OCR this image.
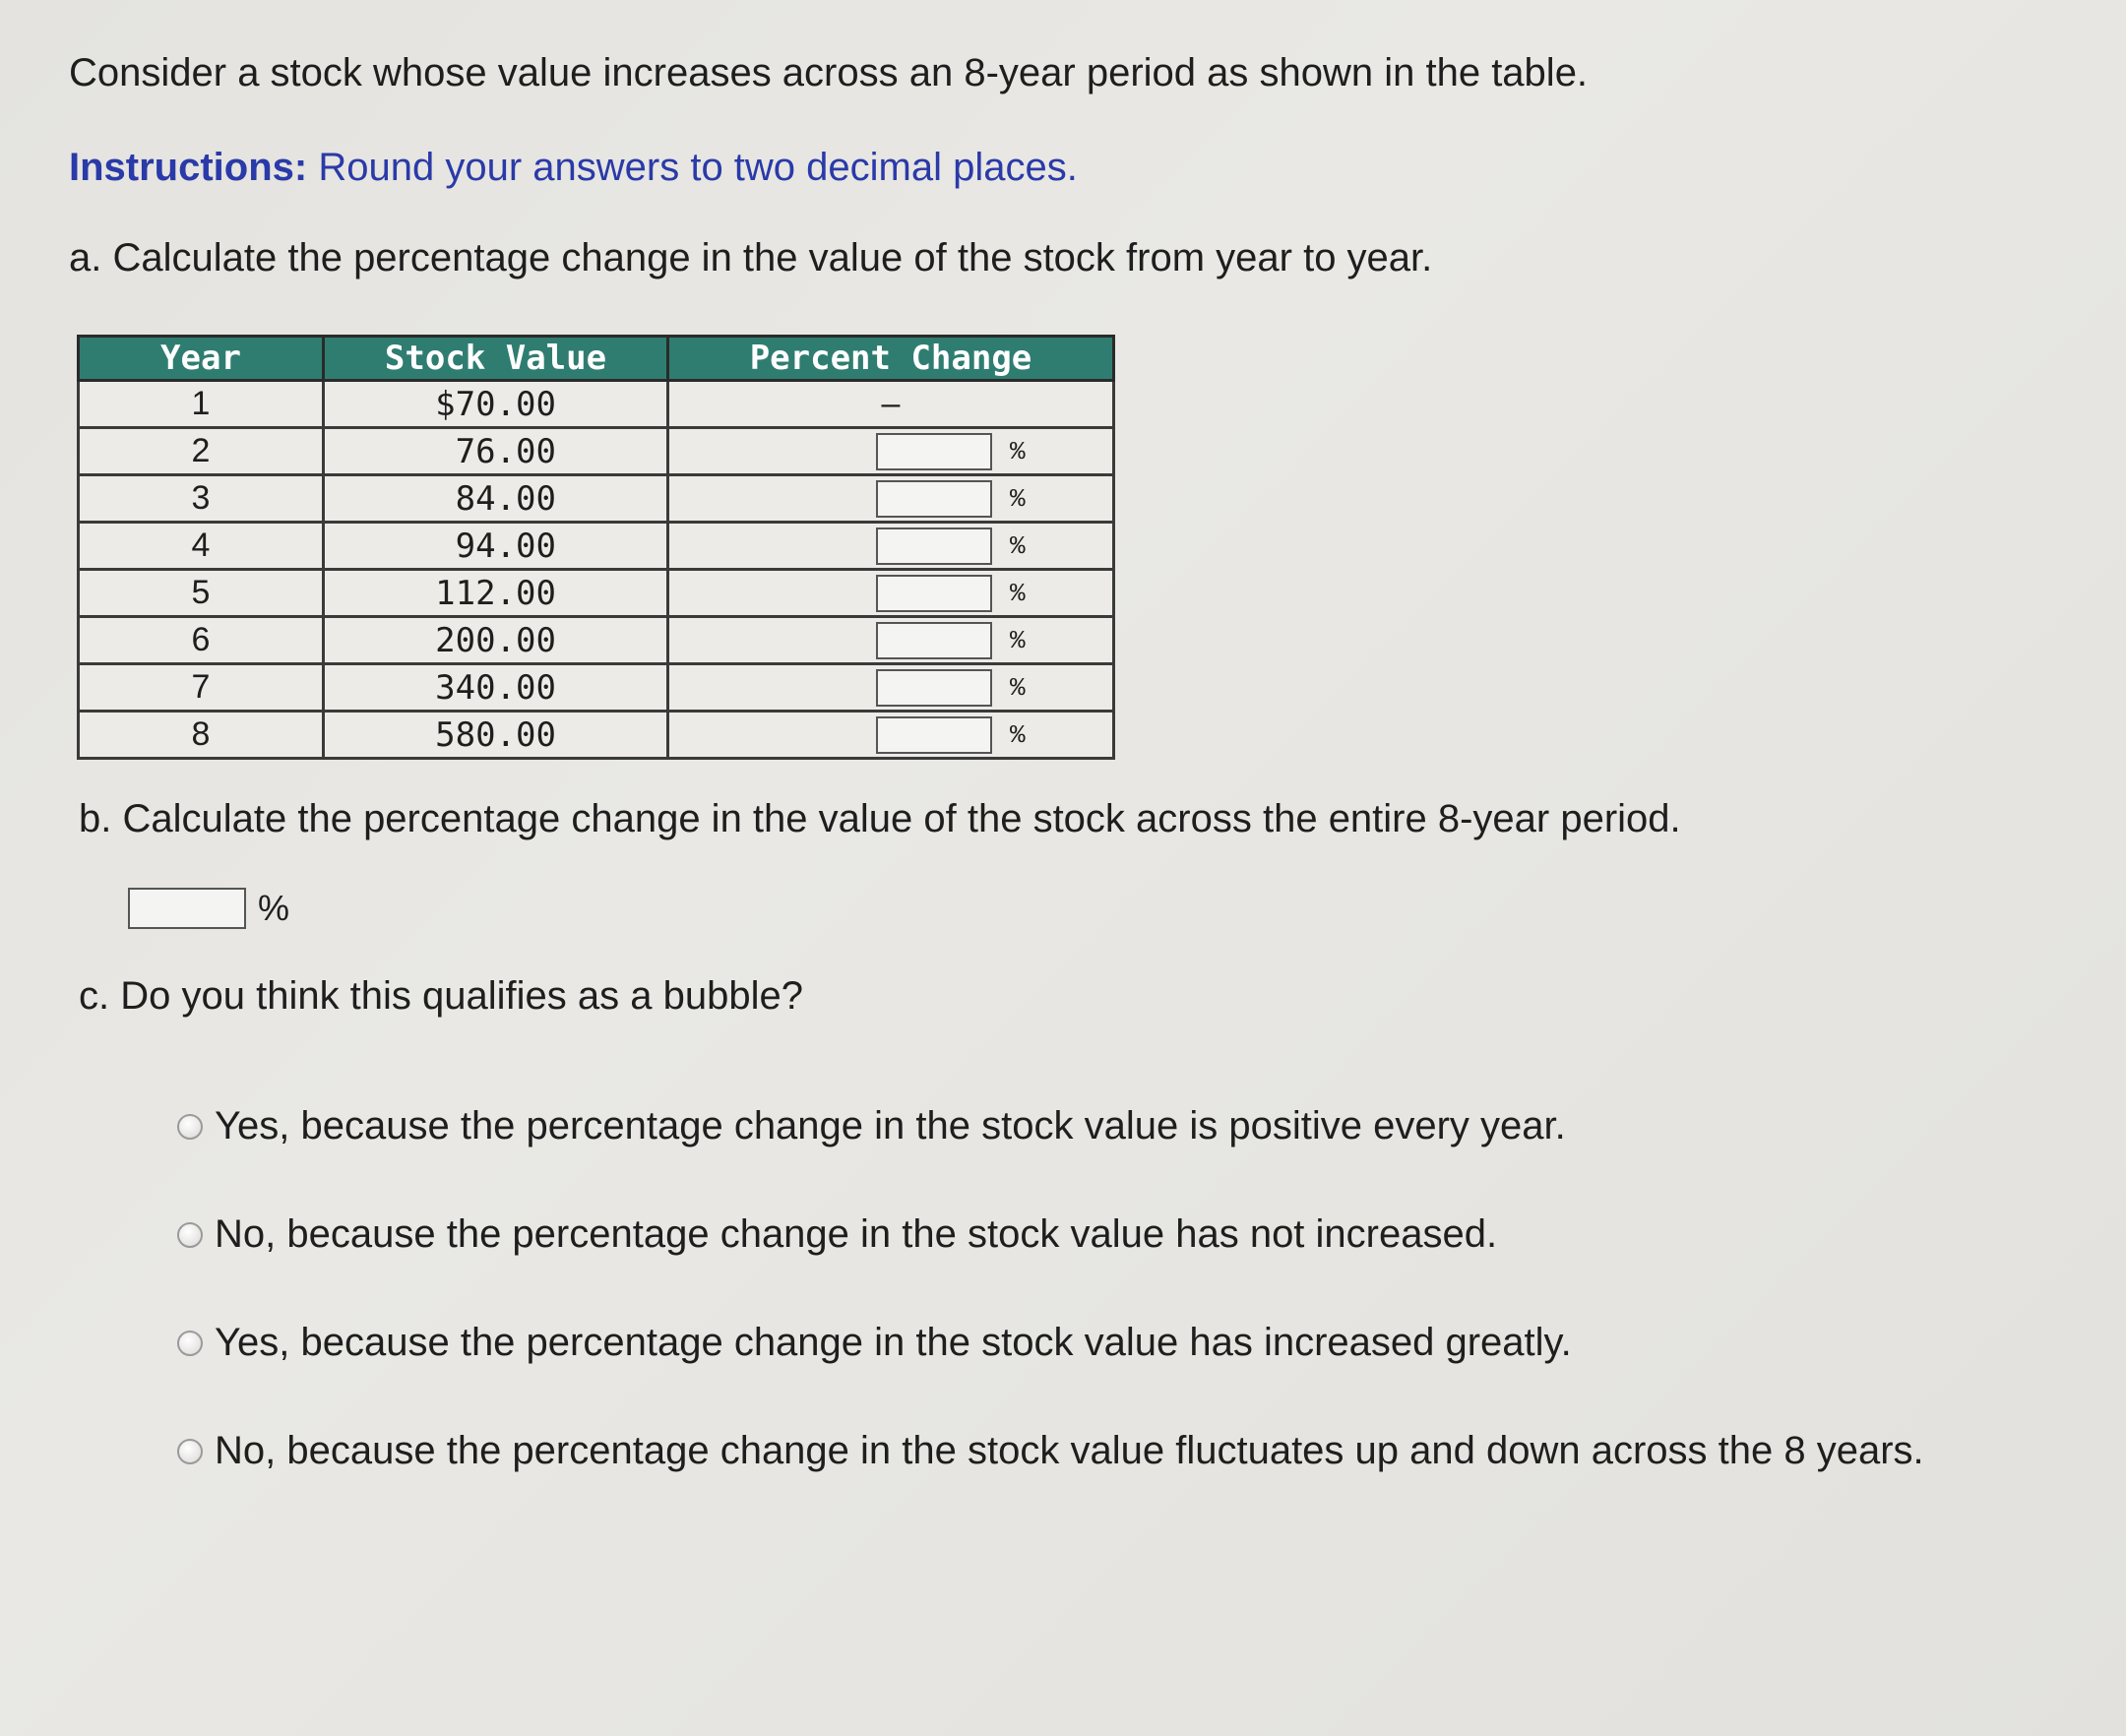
Consider a stock whose value increases across an 8-year period as shown in the table.
Instructions: Round your answers to two decimal places.
a. Calculate the percentage change in the value of the stock from year to year.
Year	Stock Value	Percent Change
1	$70.00	–

2	76.00	%

3	84.00	%

4	94.00	%

5	112.00	%

6	200.00	%

7	340.00	%

8	580.00	%
b. Calculate the percentage change in the value of the stock across the entire 8-year period.
%
c. Do you think this qualifies as a bubble?
Yes, because the percentage change in the stock value is positive every year.
No, because the percentage change in the stock value has not increased.
Yes, because the percentage change in the stock value has increased greatly.
No, because the percentage change in the stock value fluctuates up and down across the 8 years.
